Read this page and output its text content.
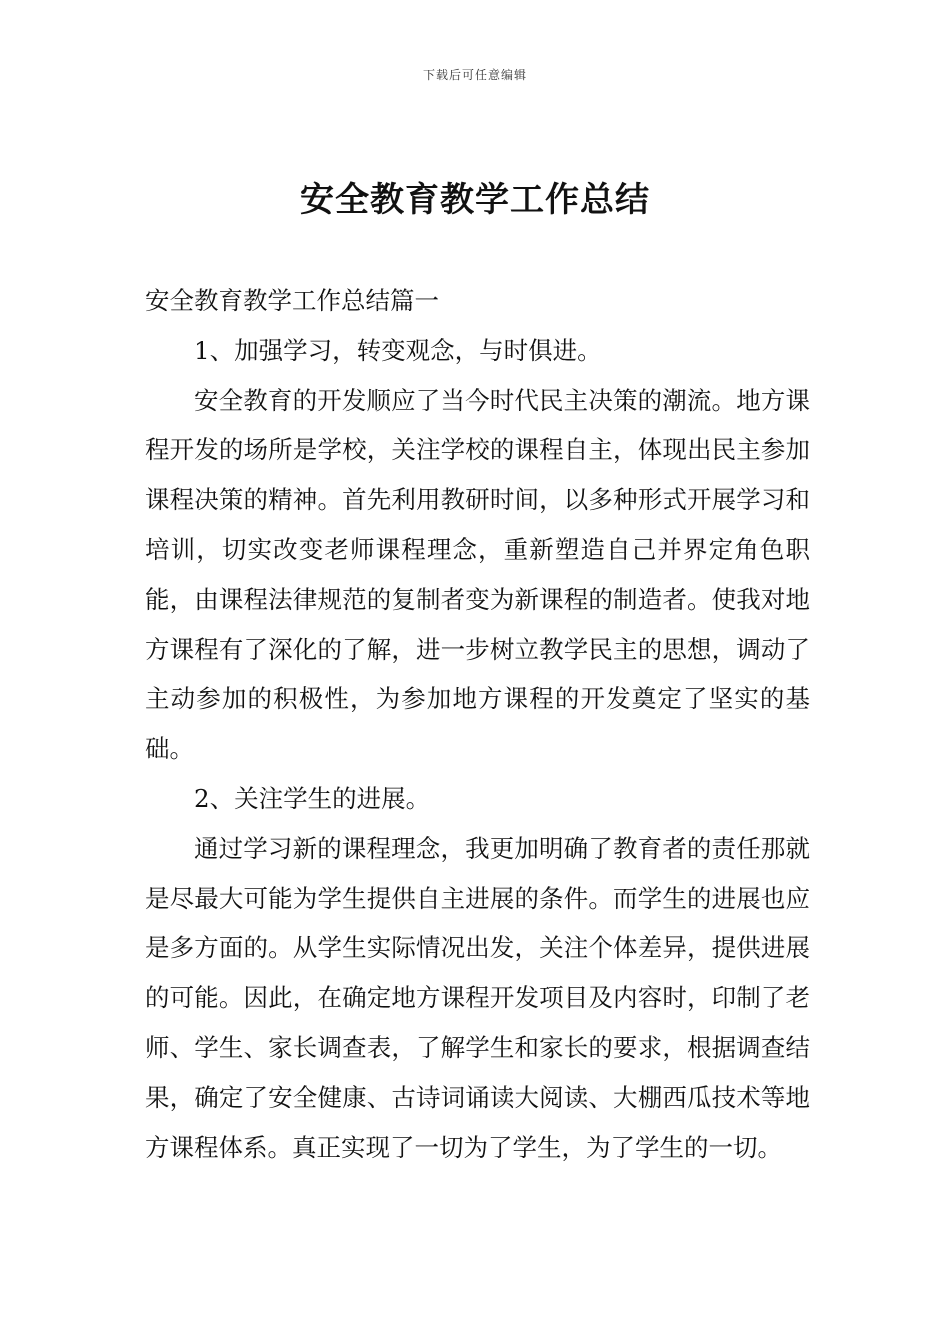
下载后可任意编辑
安全教育教学工作总结

安全教育教学工作总结篇一

1、加强学习，转变观念，与时俱进。

安全教育的开发顺应了当今时代民主决策的潮流。地方课程开发的场所是学校，关注学校的课程自主，体现出民主参加课程决策的精神。首先利用教研时间，以多种形式开展学习和培训，切实改变老师课程理念，重新塑造自己并界定角色职能，由课程法律规范的复制者变为新课程的制造者。使我对地方课程有了深化的了解，进一步树立教学民主的思想，调动了主动参加的积极性，为参加地方课程的开发奠定了坚实的基础。

2、关注学生的进展。

通过学习新的课程理念，我更加明确了教育者的责任那就是尽最大可能为学生提供自主进展的条件。而学生的进展也应是多方面的。从学生实际情况出发，关注个体差异，提供进展的可能。因此，在确定地方课程开发项目及内容时，印制了老师、学生、家长调查表，了解学生和家长的要求，根据调查结果，确定了安全健康、古诗词诵读大阅读、大棚西瓜技术等地方课程体系。真正实现了一切为了学生，为了学生的一切。
